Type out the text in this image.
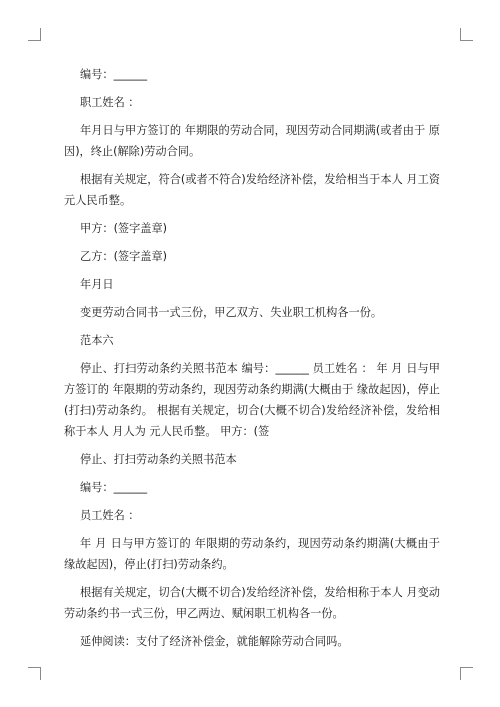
编号：______

职工姓名 ：

年月日与甲方签订的 年期限的劳动合同，现因劳动合同期满(或者由于 原因)，终止(解除)劳动合同。

根据有关规定，符合(或者不符合)发给经济补偿，发给相当于本人 月工资 元人民币整。

甲方：(签字盖章)

乙方：(签字盖章)

年月日

变更劳动合同书一式三份，甲乙双方、失业职工机构各一份。

范本六

停止、打扫劳动条约关照书范本 编号：______ 员工姓名 ： 年 月 日与甲方签订的 年限期的劳动条约，现因劳动条约期满(大概由于 缘故起因)，停止(打扫)劳动条约。 根据有关规定，切合(大概不切合)发给经济补偿，发给相称于本人 月人为 元人民币整。 甲方：(签

停止、打扫劳动条约关照书范本

编号：______

员工姓名 ：

年 月 日与甲方签订的 年限期的劳动条约，现因劳动条约期满(大概由于 缘故起因)，停止(打扫)劳动条约。

根据有关规定，切合(大概不切合)发给经济补偿，发给相称于本人 月变动劳动条约书一式三份，甲乙两边、赋闲职工机构各一份。

延伸阅读：支付了经济补偿金，就能解除劳动合同吗。
